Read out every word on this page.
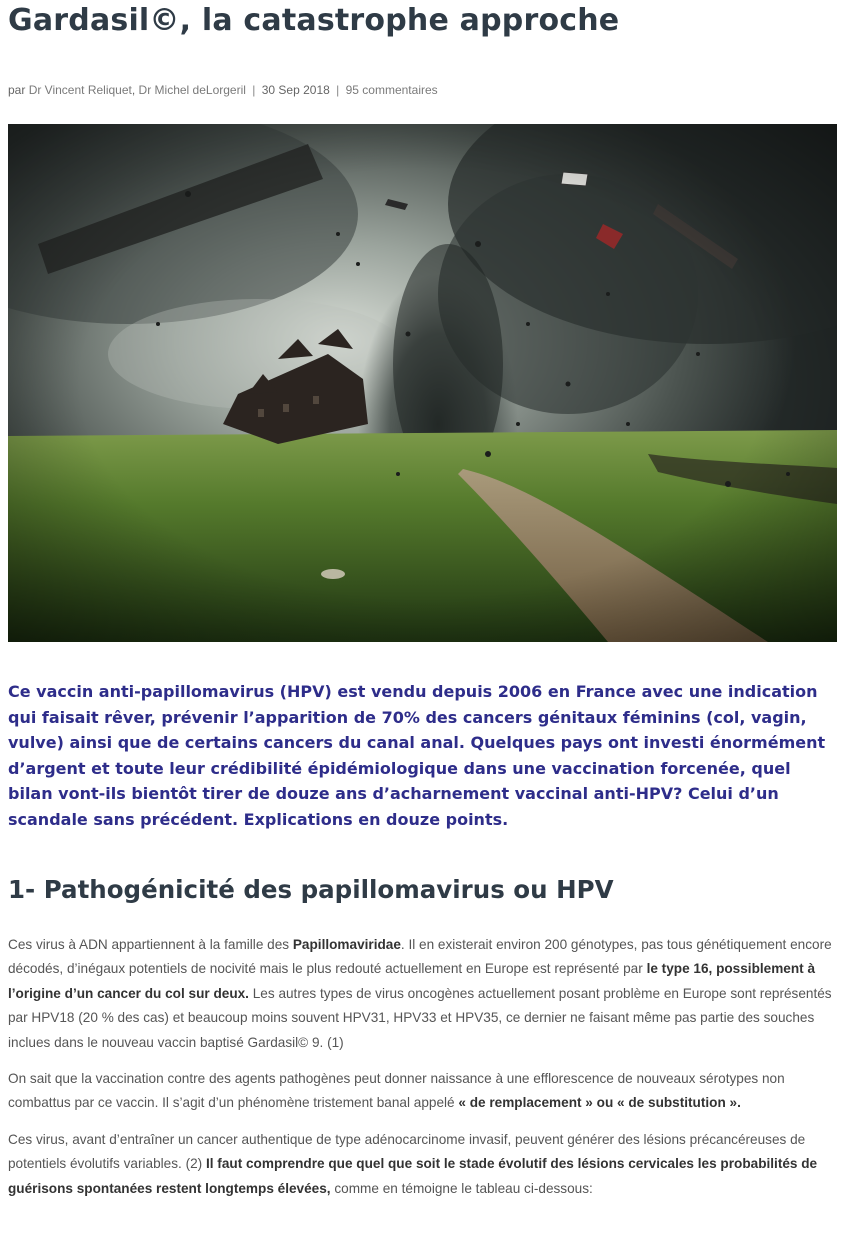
Gardasil©, la catastrophe approche
par Dr Vincent Reliquet, Dr Michel deLorgeril | 30 Sep 2018 | 95 commentaires

Ce vaccin anti-papillomavirus (HPV) est vendu depuis 2006 en France avec une indication qui faisait rêver, prévenir l’apparition de 70% des cancers génitaux féminins (col, vagin, vulve) ainsi que de certains cancers du canal anal. Quelques pays ont investi énormément d’argent et toute leur crédibilité épidémiologique dans une vaccination forcenée, quel bilan vont-ils bientôt tirer de douze ans d’acharnement vaccinal anti-HPV? Celui d’un scandale sans précédent. Explications en douze points.

1- Pathogénicité des papillomavirus ou HPV

Ces virus à ADN appartiennent à la famille des Papillomaviridae. Il en existerait environ 200 génotypes, pas tous génétiquement encore décodés, d’inégaux potentiels de nocivité mais le plus redouté actuellement en Europe est représenté par le type 16, possiblement à l’origine d’un cancer du col sur deux. Les autres types de virus oncogènes actuellement posant problème en Europe sont représentés par HPV18 (20 % des cas) et beaucoup moins souvent HPV31, HPV33 et HPV35, ce dernier ne faisant même pas partie des souches inclues dans le nouveau vaccin baptisé Gardasil© 9. (1)

On sait que la vaccination contre des agents pathogènes peut donner naissance à une efflorescence de nouveaux sérotypes non combattus par ce vaccin. Il s’agit d’un phénomène tristement banal appelé « de remplacement » ou « de substitution ».

Ces virus, avant d’entraîner un cancer authentique de type adénocarcinome invasif, peuvent générer des lésions précancéreuses de potentiels évolutifs variables. (2) Il faut comprendre que quel que soit le stade évolutif des lésions cervicales les probabilités de guérisons spontanées restent longtemps élevées, comme en témoigne le tableau ci-dessous:
